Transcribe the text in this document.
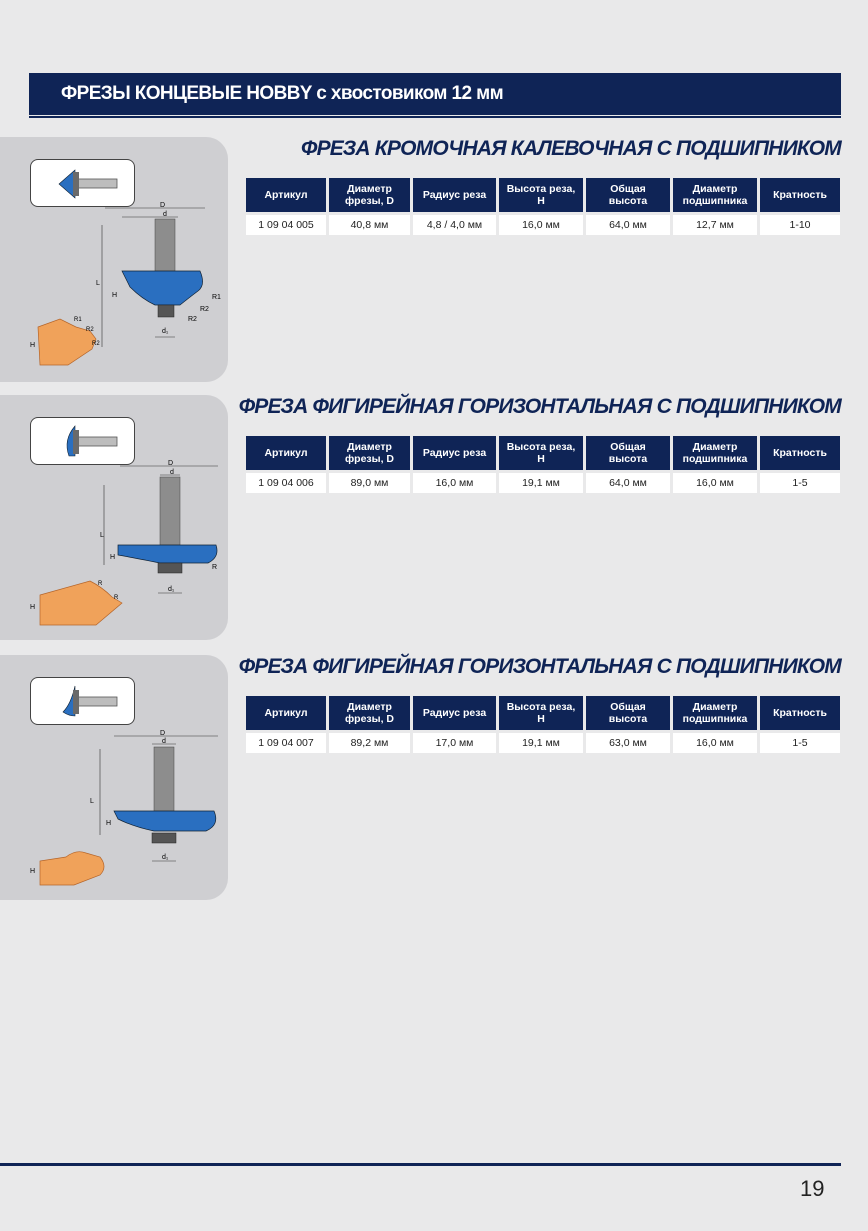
ФРЕЗЫ КОНЦЕВЫЕ HOBBY с хвостовиком 12 мм
D
d
L
H	R1
R2
R2
d₁
H
R1
R2
R2
ФРЕЗА КРОМОЧНАЯ КАЛЕВОЧНАЯ С ПОДШИПНИКОМ
Артикул	Диаметр фрезы, D	Радиус реза	Высота реза, H	Общая высота	Диаметр подшипника	Кратность
1 09 04 005	40,8 мм	4,8 / 4,0 мм	16,0 мм	64,0 мм	12,7 мм	1-10
D
d
L
H
R
d₁
H
R
R
ФРЕЗА ФИГИРЕЙНАЯ ГОРИЗОНТАЛЬНАЯ С ПОДШИПНИКОМ
Артикул	Диаметр фрезы, D	Радиус реза	Высота реза, H	Общая высота	Диаметр подшипника	Кратность
1 09 04 006	89,0 мм	16,0 мм	19,1 мм	64,0 мм	16,0 мм	1-5
D
d
L
H
d₁
H
ФРЕЗА ФИГИРЕЙНАЯ ГОРИЗОНТАЛЬНАЯ С ПОДШИПНИКОМ
Артикул	Диаметр фрезы, D	Радиус реза	Высота реза, H	Общая высота	Диаметр подшипника	Кратность
1 09 04 007	89,2 мм	17,0 мм	19,1 мм	63,0 мм	16,0 мм	1-5
19
